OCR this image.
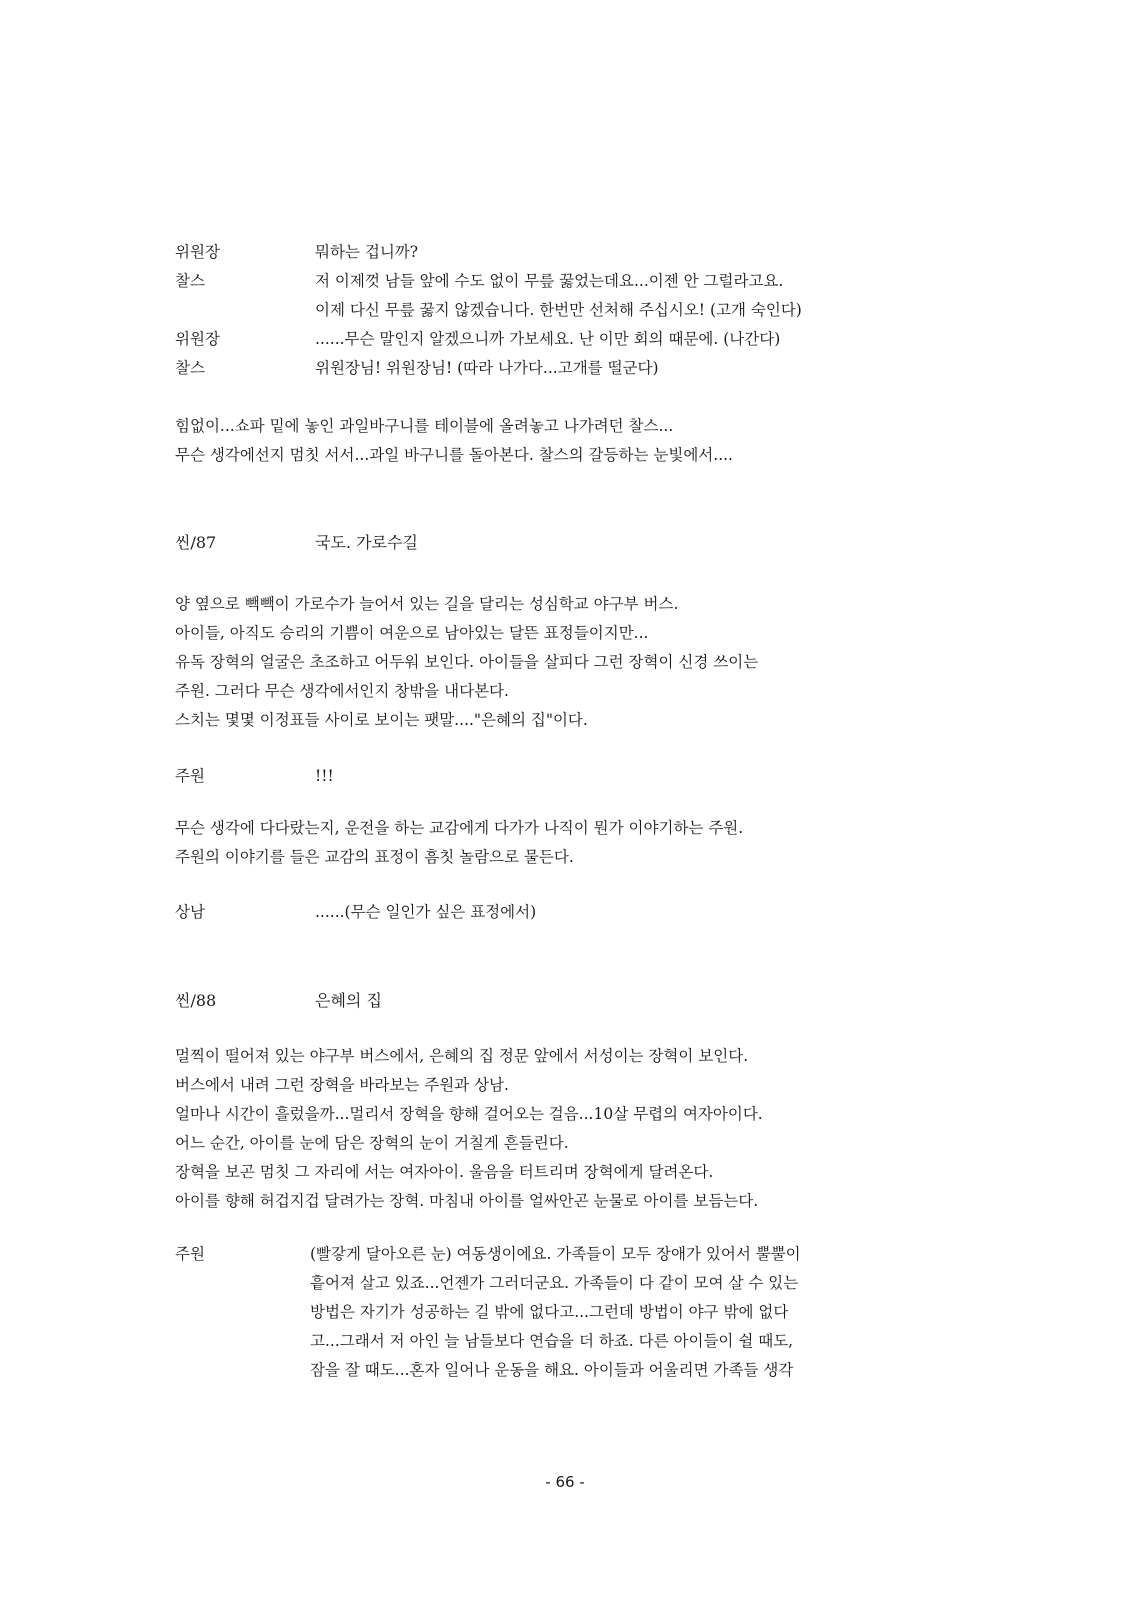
위원장	뭐하는 겁니까?
찰스	저 이제껏 남들 앞에 수도 없이 무릎 꿇었는데요...이젠 안 그럴라고요.
이제 다신 무릎 꿇지 않겠습니다. 한번만 선처해 주십시오! (고개 숙인다)
위원장	......무슨 말인지 알겠으니까 가보세요. 난 이만 회의 때문에. (나간다)
찰스	위원장님! 위원장님! (따라 나가다...고개를 떨군다)

힘없이...쇼파 밑에 놓인 과일바구니를 테이블에 올려놓고 나가려던 찰스...

무슨 생각에선지 멈칫 서서...과일 바구니를 돌아본다. 찰스의 갈등하는 눈빛에서....

씬/87	국도. 가로수길

양 옆으로 빽빽이 가로수가 늘어서 있는 길을 달리는 성심학교 야구부 버스.

아이들, 아직도 승리의 기쁨이 여운으로 남아있는 달뜬 표정들이지만...

유독 장혁의 얼굴은 초조하고 어두워 보인다. 아이들을 살피다 그런 장혁이 신경 쓰이는

주원. 그러다 무슨 생각에서인지 창밖을 내다본다.

스치는 몇몇 이정표들 사이로 보이는 팻말...."은혜의 집"이다.

주원	!!!

무슨 생각에 다다랐는지, 운전을 하는 교감에게 다가가 나직이 뭔가 이야기하는 주원.

주원의 이야기를 들은 교감의 표정이 흠칫 놀람으로 물든다.

상남	......(무슨 일인가 싶은 표정에서)
씬/88	은혜의 집

멀찍이 떨어져 있는 야구부 버스에서, 은혜의 집 정문 앞에서 서성이는 장혁이 보인다.

버스에서 내려 그런 장혁을 바라보는 주원과 상남.

얼마나 시간이 흘렀을까...멀리서 장혁을 향해 걸어오는 걸음...10살 무렵의 여자아이다.

어느 순간, 아이를 눈에 담은 장혁의 눈이 거칠게 흔들린다.

장혁을 보곤 멈칫 그 자리에 서는 여자아이. 울음을 터트리며 장혁에게 달려온다.

아이를 향해 허겁지겁 달려가는 장혁. 마침내 아이를 얼싸안곤 눈물로 아이를 보듬는다.

주원	(빨갛게 달아오른 눈) 여동생이에요. 가족들이 모두 장애가 있어서 뿔뿔이
흩어져 살고 있죠...언젠가 그러더군요. 가족들이 다 같이 모여 살 수 있는
방법은 자기가 성공하는 길 밖에 없다고...그런데 방법이 야구 밖에 없다
고...그래서 저 아인 늘 남들보다 연습을 더 하죠. 다른 아이들이 쉴 때도,
잠을 잘 때도...혼자 일어나 운동을 해요. 아이들과 어울리면 가족들 생각
- 66 -
